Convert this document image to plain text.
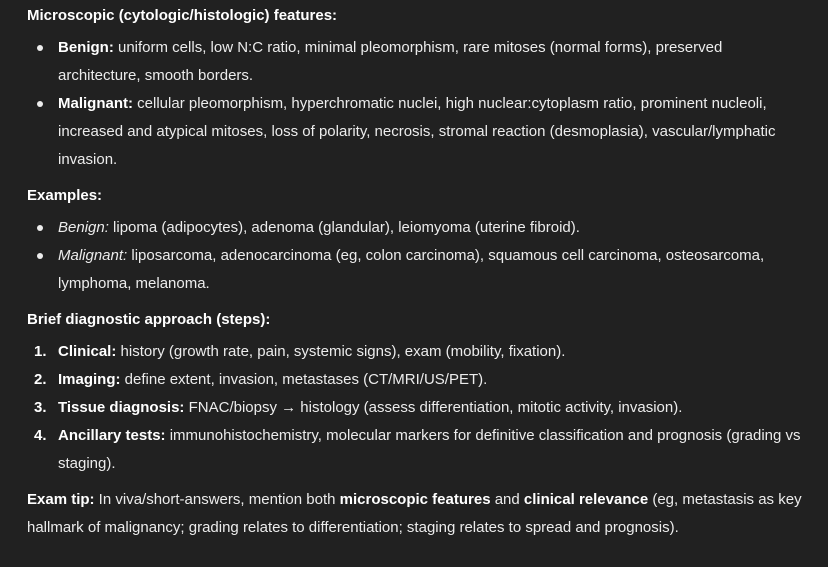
Microscopic (cytologic/histologic) features:

Benign: uniform cells, low N:C ratio, minimal pleomorphism, rare mitoses (normal forms), preserved architecture, smooth borders.
Malignant: cellular pleomorphism, hyperchromatic nuclei, high nuclear:cytoplasm ratio, prominent nucleoli, increased and atypical mitoses, loss of polarity, necrosis, stromal reaction (desmoplasia), vascular/lymphatic invasion.

Examples:

Benign: lipoma (adipocytes), adenoma (glandular), leiomyoma (uterine fibroid).
Malignant: liposarcoma, adenocarcinoma (eg, colon carcinoma), squamous cell carcinoma, osteosarcoma, lymphoma, melanoma.

Brief diagnostic approach (steps):

1. Clinical: history (growth rate, pain, systemic signs), exam (mobility, fixation).
2. Imaging: define extent, invasion, metastases (CT/MRI/US/PET).
3. Tissue diagnosis: FNAC/biopsy → histology (assess differentiation, mitotic activity, invasion).
4. Ancillary tests: immunohistochemistry, molecular markers for definitive classification and prognosis (grading vs staging).

Exam tip: In viva/short-answers, mention both microscopic features and clinical relevance (eg, metastasis as key hallmark of malignancy; grading relates to differentiation; staging relates to spread and prognosis).
